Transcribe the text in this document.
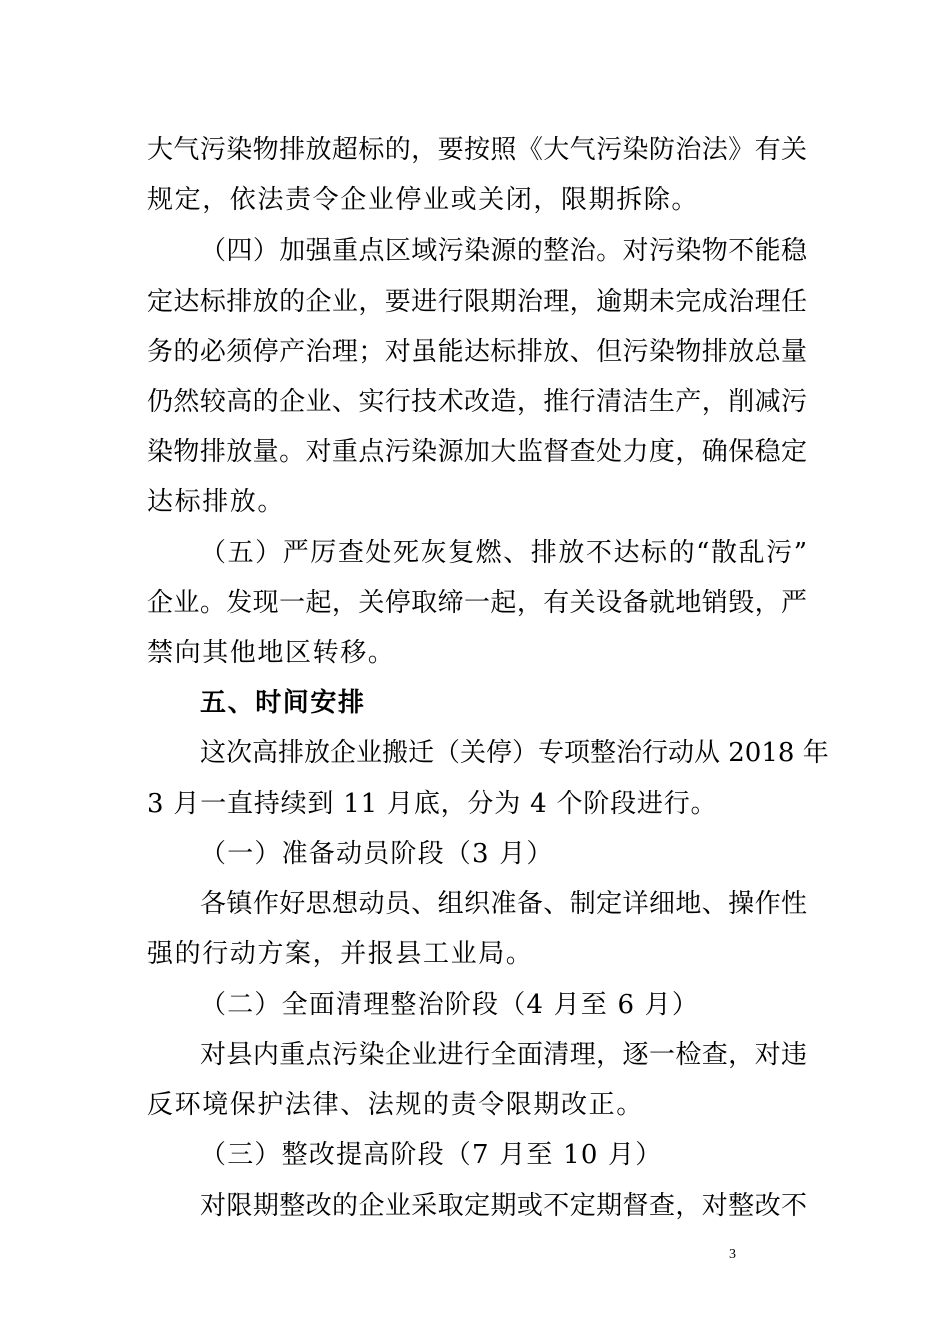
大气污染物排放超标的，要按照《大气污染防治法》有关
规定，依法责令企业停业或关闭，限期拆除。
（四）加强重点区域污染源的整治。对污染物不能稳
定达标排放的企业，要进行限期治理，逾期未完成治理任
务的必须停产治理；对虽能达标排放、但污染物排放总量
仍然较高的企业、实行技术改造，推行清洁生产，削减污
染物排放量。对重点污染源加大监督查处力度，确保稳定
达标排放。
（五）严厉查处死灰复燃、排放不达标的“散乱污”
企业。发现一起，关停取缔一起，有关设备就地销毁，严
禁向其他地区转移。
五、时间安排
这次高排放企业搬迁（关停）专项整治行动从 2018 年
3 月一直持续到 11 月底，分为 4 个阶段进行。
（一）准备动员阶段（3 月）
各镇作好思想动员、组织准备、制定详细地、操作性
强的行动方案，并报县工业局。
（二）全面清理整治阶段（4 月至 6 月）
对县内重点污染企业进行全面清理，逐一检查，对违
反环境保护法律、法规的责令限期改正。
（三）整改提高阶段（7 月至 10 月）
对限期整改的企业采取定期或不定期督查，对整改不
3
